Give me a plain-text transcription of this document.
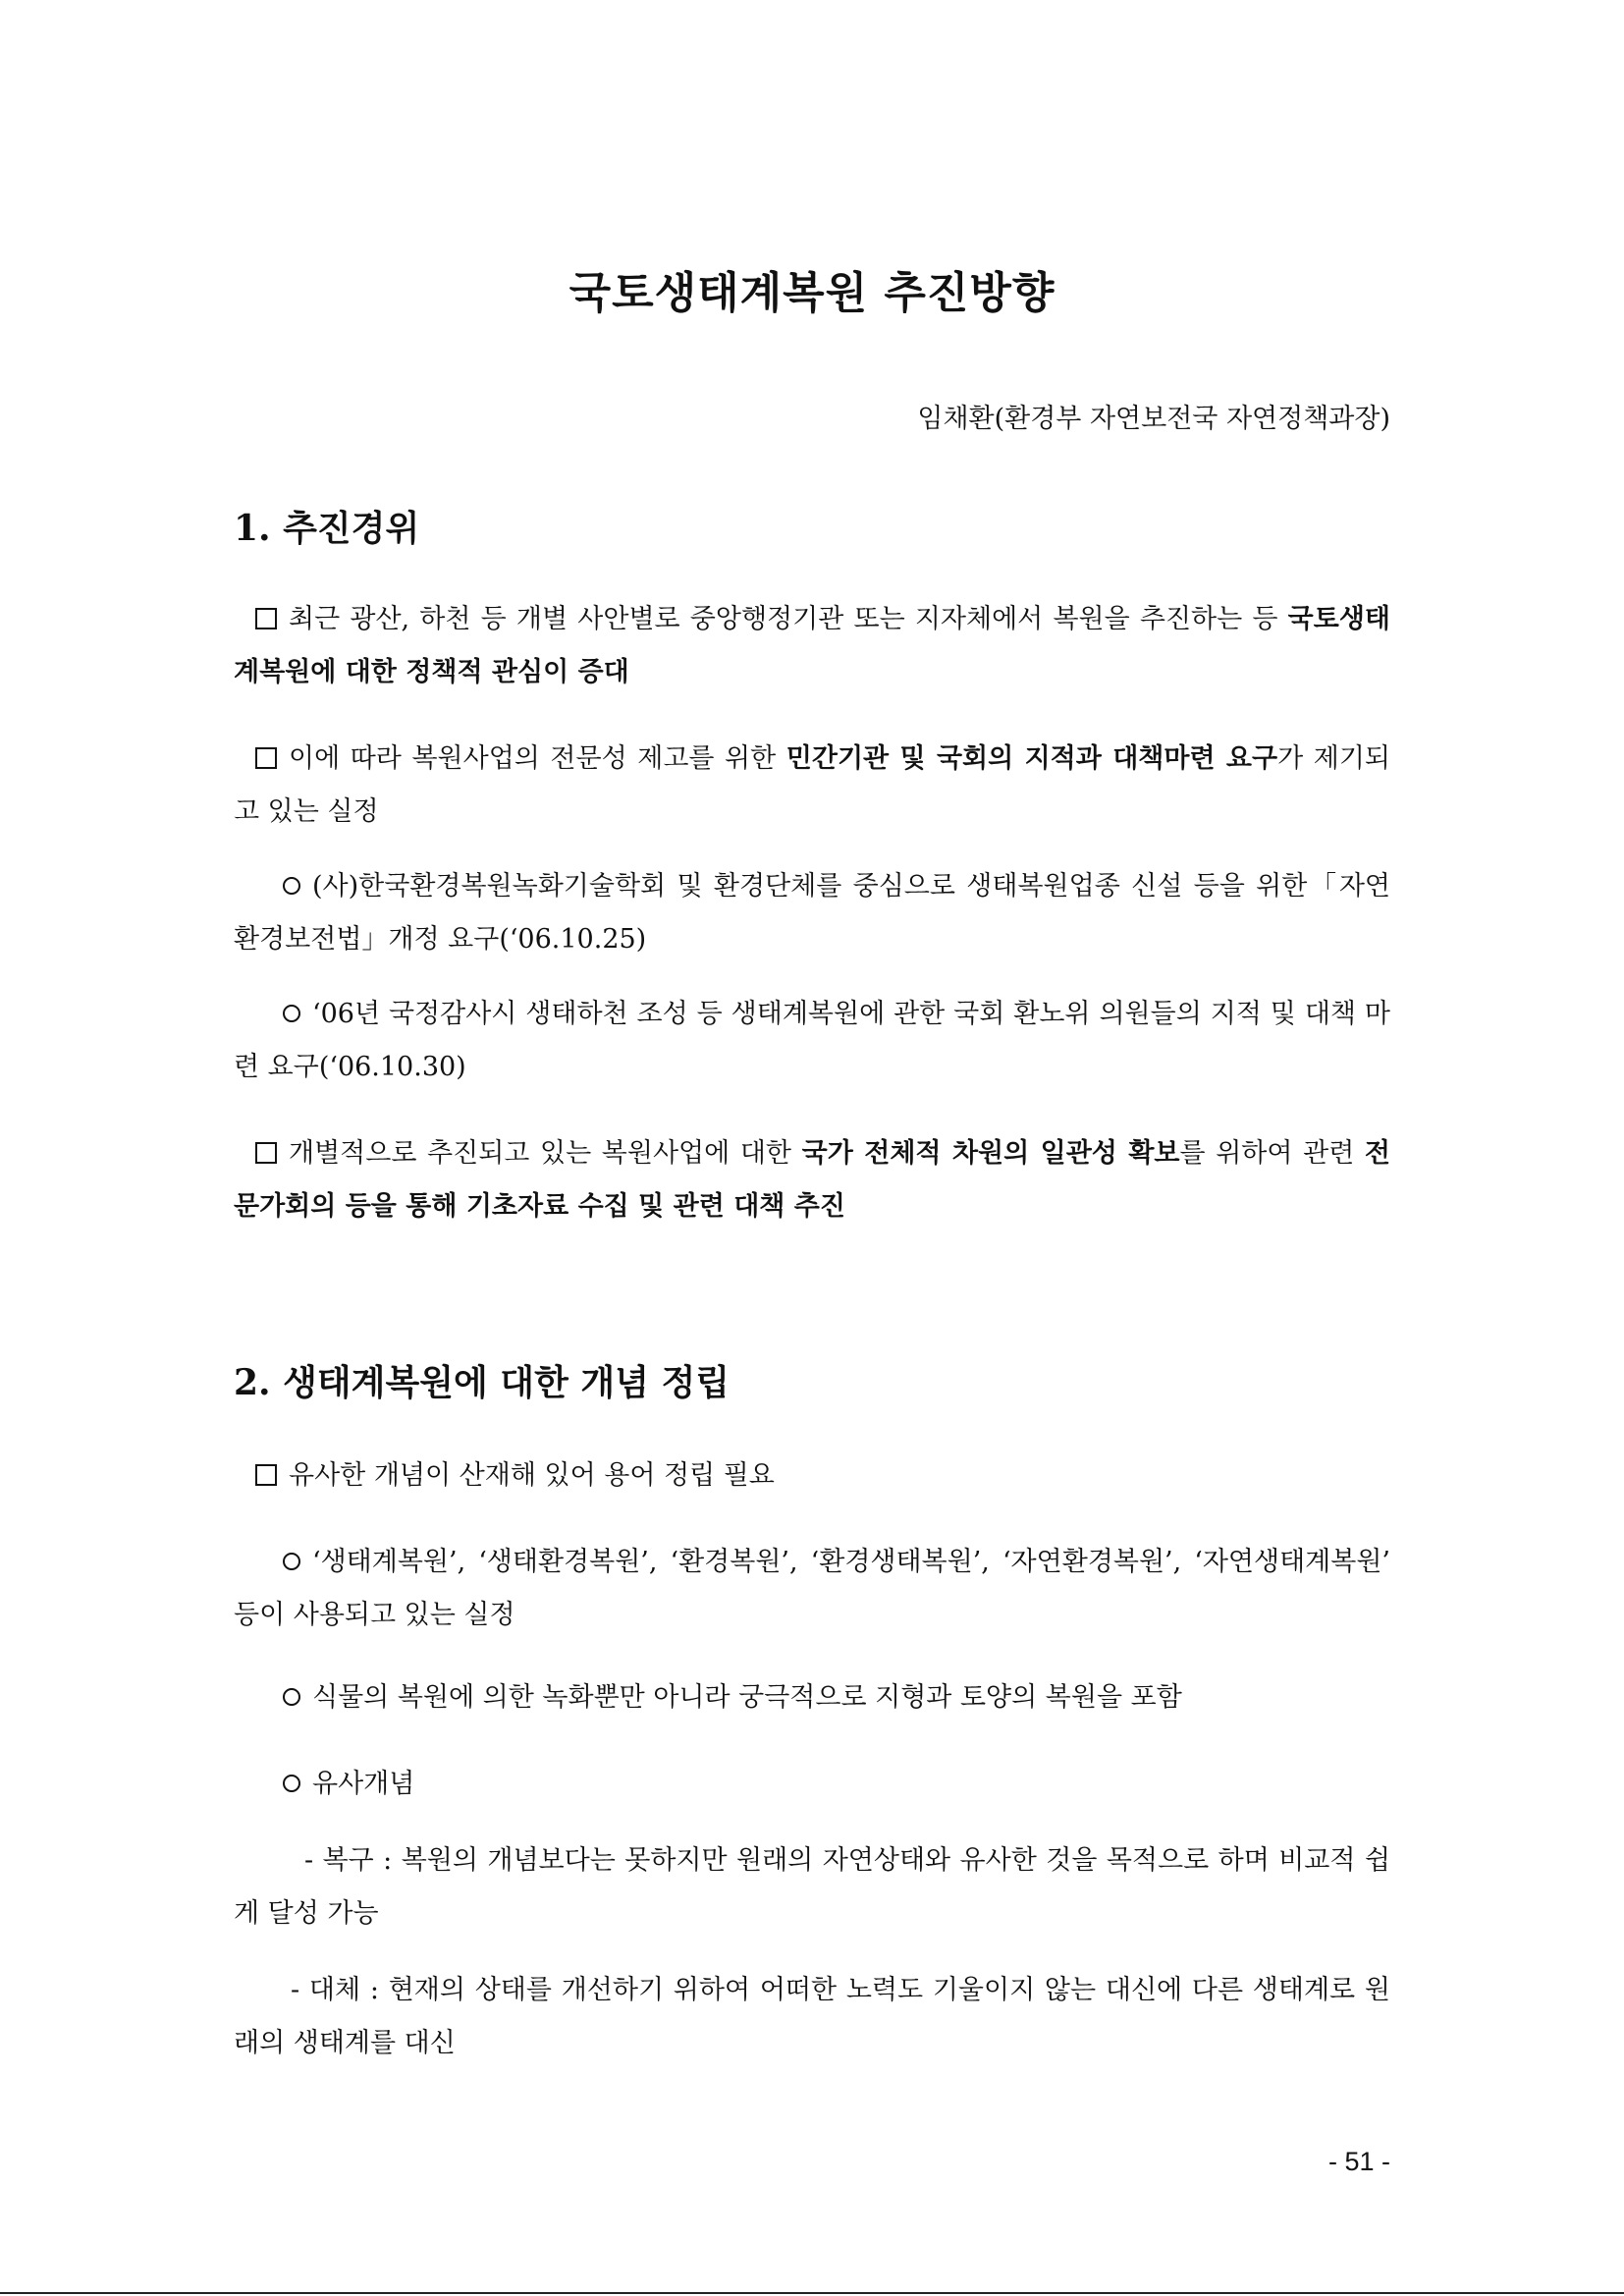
국토생태계복원 추진방향
임채환(환경부 자연보전국 자연정책과장)
1. 추진경위
최근 광산, 하천 등 개별 사안별로 중앙행정기관 또는 지자체에서 복원을 추진하는 등 국토생태계복원에 대한 정책적 관심이 증대
이에 따라 복원사업의 전문성 제고를 위한 민간기관 및 국회의 지적과 대책마련 요구가 제기되고 있는 실정
(사)한국환경복원녹화기술학회 및 환경단체를 중심으로 생태복원업종 신설 등을 위한「자연환경보전법」개정 요구(‘06.10.25)
‘06년 국정감사시 생태하천 조성 등 생태계복원에 관한 국회 환노위 의원들의 지적 및 대책 마련 요구(‘06.10.30)
개별적으로 추진되고 있는 복원사업에 대한 국가 전체적 차원의 일관성 확보를 위하여 관련 전문가회의 등을 통해 기초자료 수집 및 관련 대책 추진
2. 생태계복원에 대한 개념 정립
유사한 개념이 산재해 있어 용어 정립 필요
‘생태계복원’, ‘생태환경복원’, ‘환경복원’, ‘환경생태복원’, ‘자연환경복원’, ‘자연생태계복원’ 등이 사용되고 있는 실정
식물의 복원에 의한 녹화뿐만 아니라 궁극적으로 지형과 토양의 복원을 포함
유사개념
- 복구 : 복원의 개념보다는 못하지만 원래의 자연상태와 유사한 것을 목적으로 하며 비교적 쉽게 달성 가능
- 대체 : 현재의 상태를 개선하기 위하여 어떠한 노력도 기울이지 않는 대신에 다른 생태계로 원래의 생태계를 대신
- 51 -
